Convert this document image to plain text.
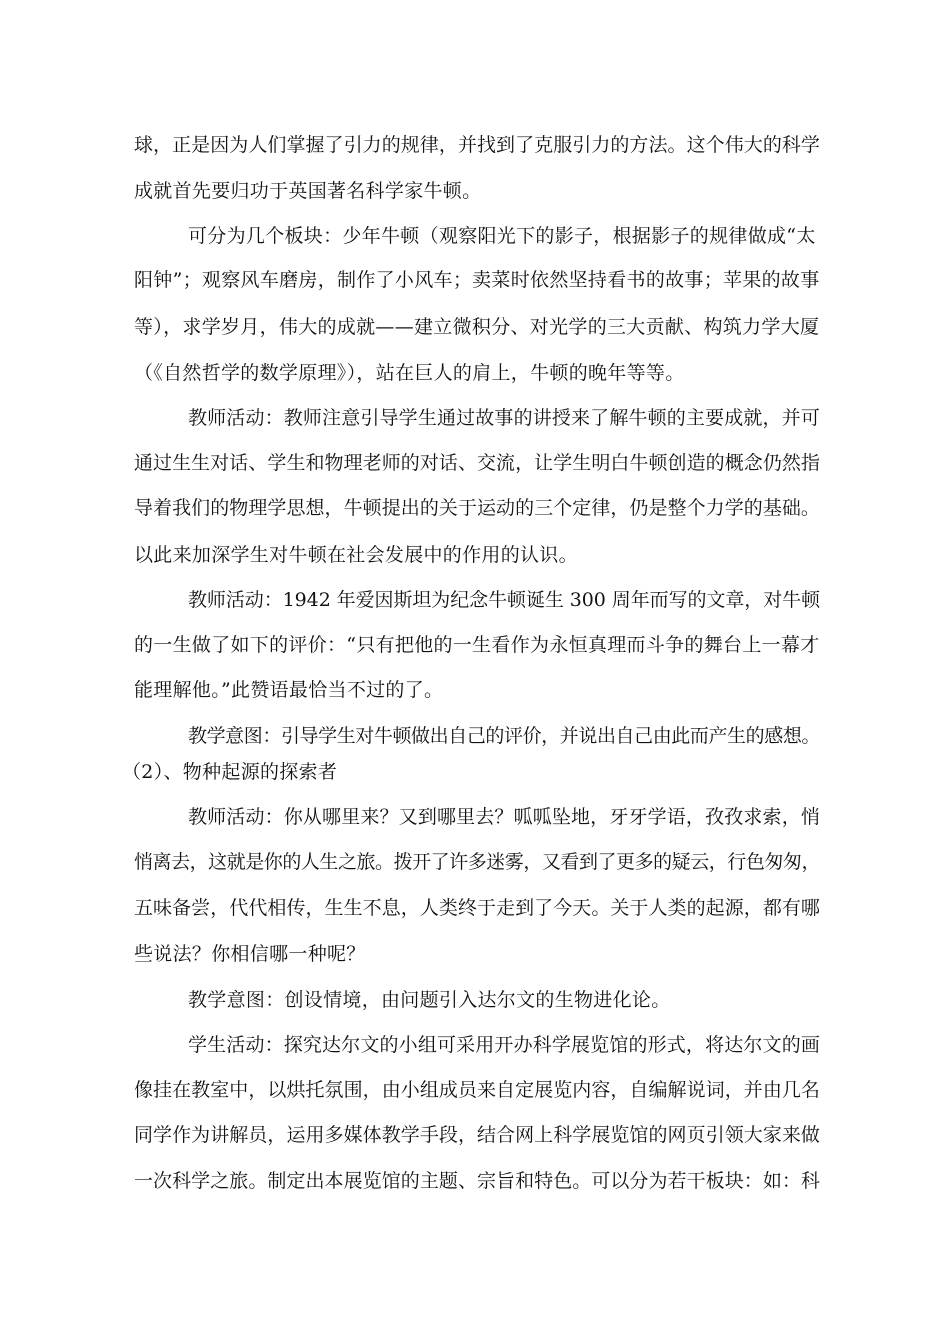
球，正是因为人们掌握了引力的规律，并找到了克服引力的方法。这个伟大的科学
成就首先要归功于英国著名科学家牛顿。
可分为几个板块：少年牛顿（观察阳光下的影子，根据影子的规律做成“太
阳钟”；观察风车磨房，制作了小风车；卖菜时依然坚持看书的故事；苹果的故事
等），求学岁月，伟大的成就——建立微积分、对光学的三大贡献、构筑力学大厦
（《自然哲学的数学原理》），站在巨人的肩上，牛顿的晚年等等。
教师活动：教师注意引导学生通过故事的讲授来了解牛顿的主要成就，并可
通过生生对话、学生和物理老师的对话、交流，让学生明白牛顿创造的概念仍然指
导着我们的物理学思想，牛顿提出的关于运动的三个定律，仍是整个力学的基础。
以此来加深学生对牛顿在社会发展中的作用的认识。
教师活动：1942 年爱因斯坦为纪念牛顿诞生 300 周年而写的文章，对牛顿
的一生做了如下的评价：“只有把他的一生看作为永恒真理而斗争的舞台上一幕才
能理解他。”此赞语最恰当不过的了。
教学意图：引导学生对牛顿做出自己的评价，并说出自己由此而产生的感想。
（2）、物种起源的探索者
教师活动：你从哪里来？又到哪里去？呱呱坠地，牙牙学语，孜孜求索，悄
悄离去，这就是你的人生之旅。拨开了许多迷雾，又看到了更多的疑云，行色匆匆，
五味备尝，代代相传，生生不息，人类终于走到了今天。关于人类的起源，都有哪
些说法？你相信哪一种呢？
教学意图：创设情境，由问题引入达尔文的生物进化论。
学生活动：探究达尔文的小组可采用开办科学展览馆的形式，将达尔文的画
像挂在教室中，以烘托氛围，由小组成员来自定展览内容，自编解说词，并由几名
同学作为讲解员，运用多媒体教学手段，结合网上科学展览馆的网页引领大家来做
一次科学之旅。制定出本展览馆的主题、宗旨和特色。可以分为若干板块：如：科
